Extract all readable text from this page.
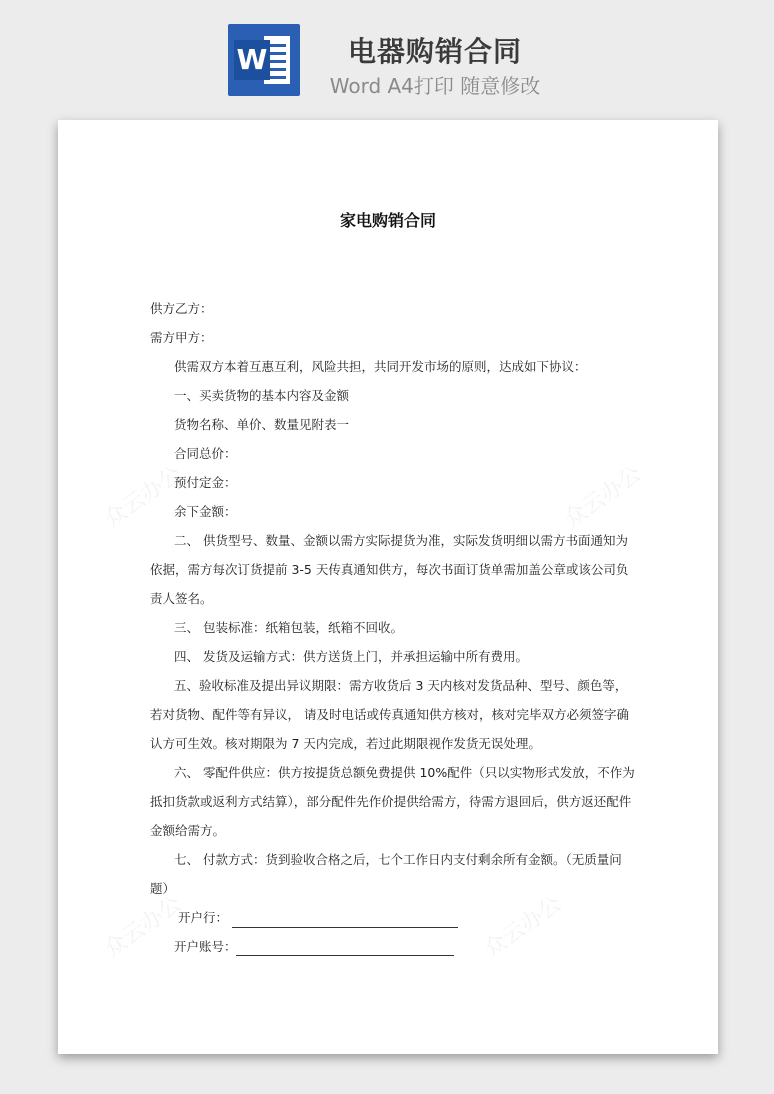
W	电器购销合同
Word A4打印 随意修改
众云办公	众云办公
众云办公	众云办公
家电购销合同
供方乙方：
需方甲方：
供需双方本着互惠互利，风险共担，共同开发市场的原则，达成如下协议：
一、买卖货物的基本内容及金额
货物名称、单价、数量见附表一
合同总价：
预付定金：
余下金额：
二、 供货型号、数量、金额以需方实际提货为准，实际发货明细以需方书面通知为
依据，需方每次订货提前 3-5 天传真通知供方，每次书面订货单需加盖公章或该公司负
责人签名。
三、 包装标准：纸箱包装，纸箱不回收。
四、 发货及运输方式：供方送货上门，并承担运输中所有费用。
五、验收标准及提出异议期限：需方收货后 3 天内核对发货品种、型号、颜色等，
若对货物、配件等有异议， 请及时电话或传真通知供方核对，核对完毕双方必须签字确
认方可生效。核对期限为 7 天内完成，若过此期限视作发货无误处理。
六、 零配件供应：供方按提货总额免费提供 10%配件（只以实物形式发放，不作为
抵扣货款或返利方式结算），部分配件先作价提供给需方，待需方退回后，供方返还配件
金额给需方。
七、 付款方式：货到验收合格之后，七个工作日内支付剩余所有金额。（无质量问
题）
开户行：
开户账号：
